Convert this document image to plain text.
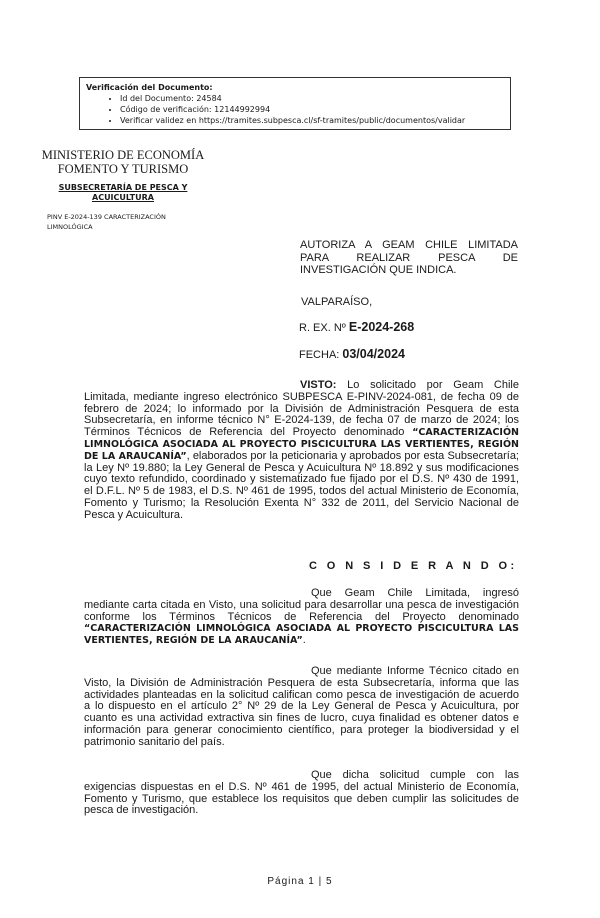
Verificación del Documento:
• Id del Documento: 24584
• Código de verificación: 12144992994
• Verificar validez en https://tramites.subpesca.cl/sf-tramites/public/documentos/validar
MINISTERIO DE ECONOMÍA
FOMENTO Y TURISMO
SUBSECRETARÍA DE PESCA Y
ACUICULTURA
PINV E-2024-139 CARACTERIZACIÓN
LIMNOLÓGICA
AUTORIZA A GEAM CHILE LIMITADA PARA REALIZAR PESCA DE INVESTIGACIÓN QUE INDICA.
VALPARAÍSO,
R. EX. Nº E-2024-268
FECHA: 03/04/2024
VISTO: Lo solicitado por Geam Chile Limitada, mediante ingreso electrónico SUBPESCA E-PINV-2024-081, de fecha 09 de febrero de 2024; lo informado por la División de Administración Pesquera de esta Subsecretaría, en informe técnico N° E-2024-139, de fecha 07 de marzo de 2024; los Términos Técnicos de Referencia del Proyecto denominado “CARACTERIZACIÓN LIMNOLÓGICA ASOCIADA AL PROYECTO PISCICULTURA LAS VERTIENTES, REGIÓN DE LA ARAUCANÍA”, elaborados por la peticionaria y aprobados por esta Subsecretaría; la Ley Nº 19.880; la Ley General de Pesca y Acuicultura Nº 18.892 y sus modificaciones cuyo texto refundido, coordinado y sistematizado fue fijado por el D.S. Nº 430 de 1991, el D.F.L. Nº 5 de 1983, el D.S. Nº 461 de 1995, todos del actual Ministerio de Economía, Fomento y Turismo; la Resolución Exenta N° 332 de 2011, del Servicio Nacional de Pesca y Acuicultura.
C O N S I D E R A N D O:
Que Geam Chile Limitada, ingresó mediante carta citada en Visto, una solicitud para desarrollar una pesca de investigación conforme los Términos Técnicos de Referencia del Proyecto denominado “CARACTERIZACIÓN LIMNOLÓGICA ASOCIADA AL PROYECTO PISCICULTURA LAS VERTIENTES, REGIÓN DE LA ARAUCANÍA”.
Que mediante Informe Técnico citado en Visto, la División de Administración Pesquera de esta Subsecretaría, informa que las actividades planteadas en la solicitud califican como pesca de investigación de acuerdo a lo dispuesto en el artículo 2° Nº 29 de la Ley General de Pesca y Acuicultura, por cuanto es una actividad extractiva sin fines de lucro, cuya finalidad es obtener datos e información para generar conocimiento científico, para proteger la biodiversidad y el patrimonio sanitario del país.
Que dicha solicitud cumple con las exigencias dispuestas en el D.S. Nº 461 de 1995, del actual Ministerio de Economía, Fomento y Turismo, que establece los requisitos que deben cumplir las solicitudes de pesca de investigación.
Página 1 | 5
